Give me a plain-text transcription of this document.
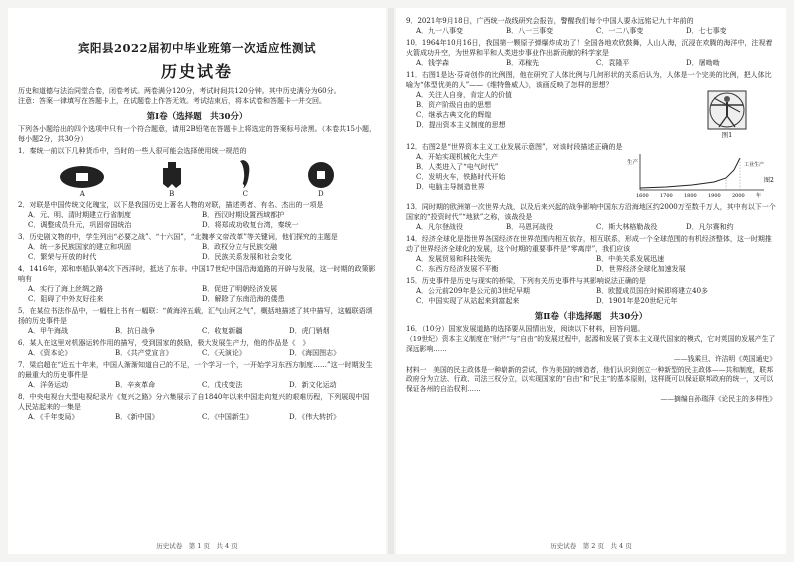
宾阳县2022届初中毕业班第一次适应性测试
历史试卷

历史和道德与法治同堂合卷，闭卷考试。两卷满分120分，考试时间共120分钟。其中历史满分为60分。

注意：答案一律填写在答题卡上，在试题卷上作答无效。考试结束后，将本试卷和答题卡一并交回。

第Ⅰ卷（选择题　共30分）

下列各小题给出的四个选项中只有一个符合题意，请用2B铅笔在答题卡上将选定的答案标号涂黑。（本卷共15小题，每小题2分，共30分）

1．秦统一前以下几种货币中，当时的一些人很可能会选择使用统一规范的

A	B	C	D

2．对联是中国传统文化瑰宝，以下是我国历史上著名人物的对联，描述勇者、有名、杰出的一项是

A．元、明、清时期建立行省制度	B．西汉时期设置西域都护
C．调整成员升元，巩固帝国统治	D．将郑成功收复台湾，秦统一

3．历史剧文物的中，学生列出“必要之战”、“十六国”，“北魏孝文帝改革”等关键词，他们探究的主题是

A．统一多民族国家的建立和巩固	B．政权分立与民族交融
C．繁荣与开放的时代	D．民族关系发展和社会变化

4．1416年，郑和率船队第4次下西洋时，抵达了东非。中国17世纪中国沿海道路的开辟与发展，这一时期的政策影响有

A．实行了海上丝绸之路	B．促进了明朝经济发展
C．阻碍了中外友好往来	D．解除了东南沿海的倭患

5．在某位书法作品中，一幅柱上书有一幅联：“黄海淬五载，汇气山河之气”，概括地描述了其中描写，这幅联语颂扬的历史事件是

A．甲午海战	B．抗日战争	C．收复新疆	D．虎门销烟

6．某人在这里对机器运转作用的描写，受到国家的鼓励，极大发展生产力，他的作品是《　》

A．《资本论》	B．《共产党宣言》	C．《天演论》	D．《海国图志》

7．梁启超在“近五十年来，中国人渐渐知道自己的不足，一个学习一个，一开始学习东西方制度……”这一时期发生的最重大的历史事件是

A．洋务运动	B．辛亥革命	C．戊戌变法	D．新文化运动

8．中央电视台大型电视纪录片《复兴之路》分六集展示了自1840年以来中国走向复兴的艰难历程，下列展现中国人民站起来的一集是

A．《千年变局》	B．《新中国》	C．《中国新生》	D．《伟大转折》
历史试卷　第 1 页　共 4 页

9．2021年9月18日，广西统一战线研究会报告，警醒我们每个中国人要永远铭记九十年前的

A．九一八事变	B．八一三事变	C．一二八事变	D．七七事变

10．1964年10月16日，我国第一颗原子弹爆炸成功了！全国各地欢欣鼓舞，人山人海，沉浸在欢腾的海洋中，注视着火箭成功升空，为世界和平和人类进步事业作出新贡献的科学家是

A．钱学森	B．邓稼先	C．袁隆平	D．屠呦呦

11．右图1是达·芬奇创作的比例图，他在研究了人体比例与几何形状的关系后认为，人体是一个完美的比例，把人体比喻为“体型优美的人”——《维特鲁威人》，该画反映了怎样的思想？

A．关注人自身，肯定人的价值
B．资产阶级自由的思想
C．继承古典文化的辉煌
D．提出资本主义制度的思想
图1

12．右图2是“世界资本主义工业发展示意图”，对该时段描述正确的是

A．开始实现机械化大生产
B．人类进入了“电气时代”
C．发明火车，铁路时代开始
D．电脑主导制造世界
生产	工业生产
1600 1700 1800 1900 2000 年
图2

13．同时期的欧洲第一次世界大战，以及后来兴起的战争影响中国东方沿海地区约2000万至数千万人，其中有以下一个国家的“投资时代”“地狱”之称，该战役是

A．凡尔登战役	B．马恩河战役	C．斯大林格勒战役	D．凡尔赛和约

14．经济全球化是指世界各国经济在世界范围内相互依存，相互联系，形成一个全球范围的有机经济整体，这一时期推动了世界经济全球化的发展，这个时期的重要事件是“零离岸”，我们应该

A．发展贸易和科技领先	B．中美关系发展迅速
C．东西方经济发展不平衡	D．世界经济全球化加速发展

15．历史事件是历史与现实的桥梁，下列有关历史事件与其影响说法正确的是

A．公元前209年是公元前3世纪早期	B．欧盟成员国在时候即将建立40多
C．中国实现了从站起来到富起来	D．1901年是20世纪元年
第Ⅱ卷（非选择题　共30分）

16．（10分）国家发展道路的选择要从国情出发，阅读以下材料，回答问题。

（19世纪）资本主义制度在“财产”与“自由”的发展过程中，起源和发展了资本主义现代国家的模式，它对英国的发展产生了深远影响……

——钱乘旦、许洁明《英国通史》

材料一　美国的民主政体是一种崭新的尝试，作为美国的缔造者，他们认识到创立一种新型的民主政体——共和制度，联邦政府分为立法、行政、司法三权分立，以实现国家的“自由”和“民主”的基本原则，这样既可以保证联邦政府的统一，又可以保证各州的自治权利……

——摘编自孙瑞萍《论民主的多样性》

历史试卷　第 2 页　共 4 页
